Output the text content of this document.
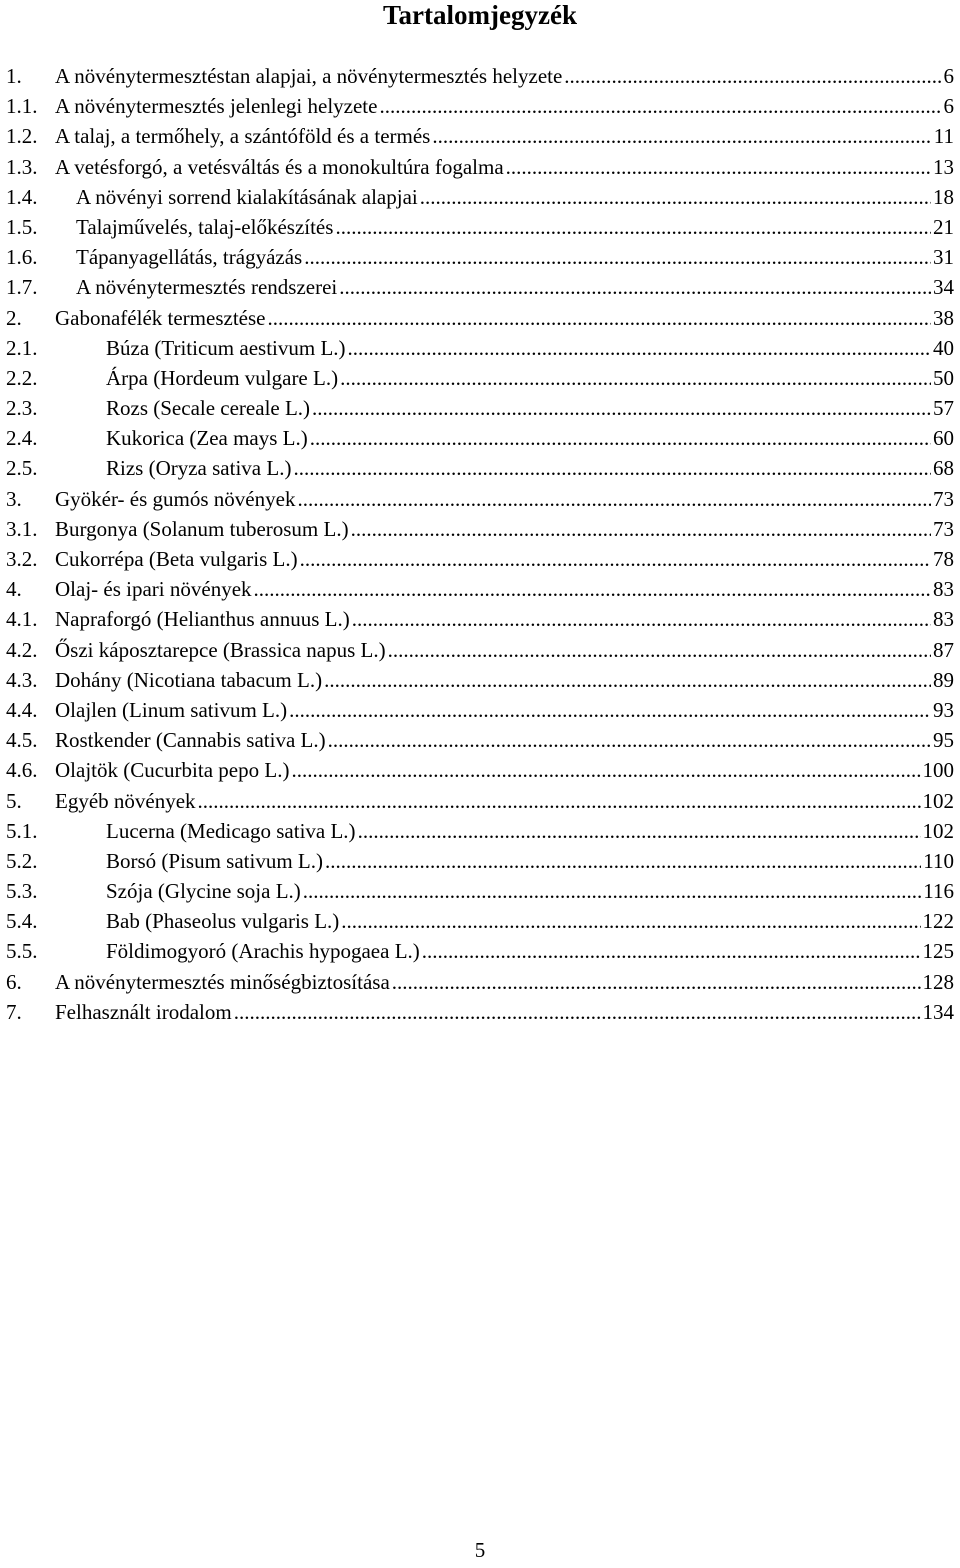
Tartalomjegyzék
1. A növénytermesztéstan alapjai, a növénytermesztés helyzete .....	6
1.1. A növénytermesztés jelenlegi helyzete .....	6
1.2. A talaj, a termőhely, a szántóföld és a termés .....	11
1.3. A vetésforgó, a vetésváltás és a monokultúra fogalma .....	13
1.4. A növényi sorrend kialakításának alapjai .....	18
1.5. Talajművelés, talaj-előkészítés .....	21
1.6. Tápanyagellátás, trágyázás .....	31
1.7. A növénytermesztés rendszerei .....	34
2. Gabonafélék termesztése .....	38
2.1.	Búza (Triticum aestivum L.) .....	40
2.2.	Árpa (Hordeum vulgare L.) .....	50
2.3.	Rozs (Secale cereale L.) .....	57
2.4.	Kukorica (Zea mays L.) .....	60
2.5.	Rizs (Oryza sativa L.) .....	68
3. Gyökér- és gumós növények .....	73
3.1. Burgonya (Solanum tuberosum L.) .....	73
3.2. Cukorrépa (Beta vulgaris L.) .....	78
4. Olaj- és ipari növények .....	83
4.1. Napraforgó (Helianthus annuus L.) .....	83
4.2. Őszi káposztarepce (Brassica napus L.) .....	87
4.3. Dohány (Nicotiana tabacum L.) .....	89
4.4. Olajlen (Linum sativum L.) .....	93
4.5. Rostkender (Cannabis sativa L.) .....	95
4.6. Olajtök (Cucurbita pepo L.) .....	100
5. Egyéb növények .....	102
5.1.	Lucerna (Medicago sativa L.) .....	102
5.2.	Borsó (Pisum sativum L.) .....	110
5.3.	Szója (Glycine soja L.) .....	116
5.4.	Bab (Phaseolus vulgaris L.) .....	122
5.5.	Földimogyoró (Arachis hypogaea L.) .....	125
6. A növénytermesztés minőségbiztosítása .....	128
7. Felhasznált irodalom .....	134
5
